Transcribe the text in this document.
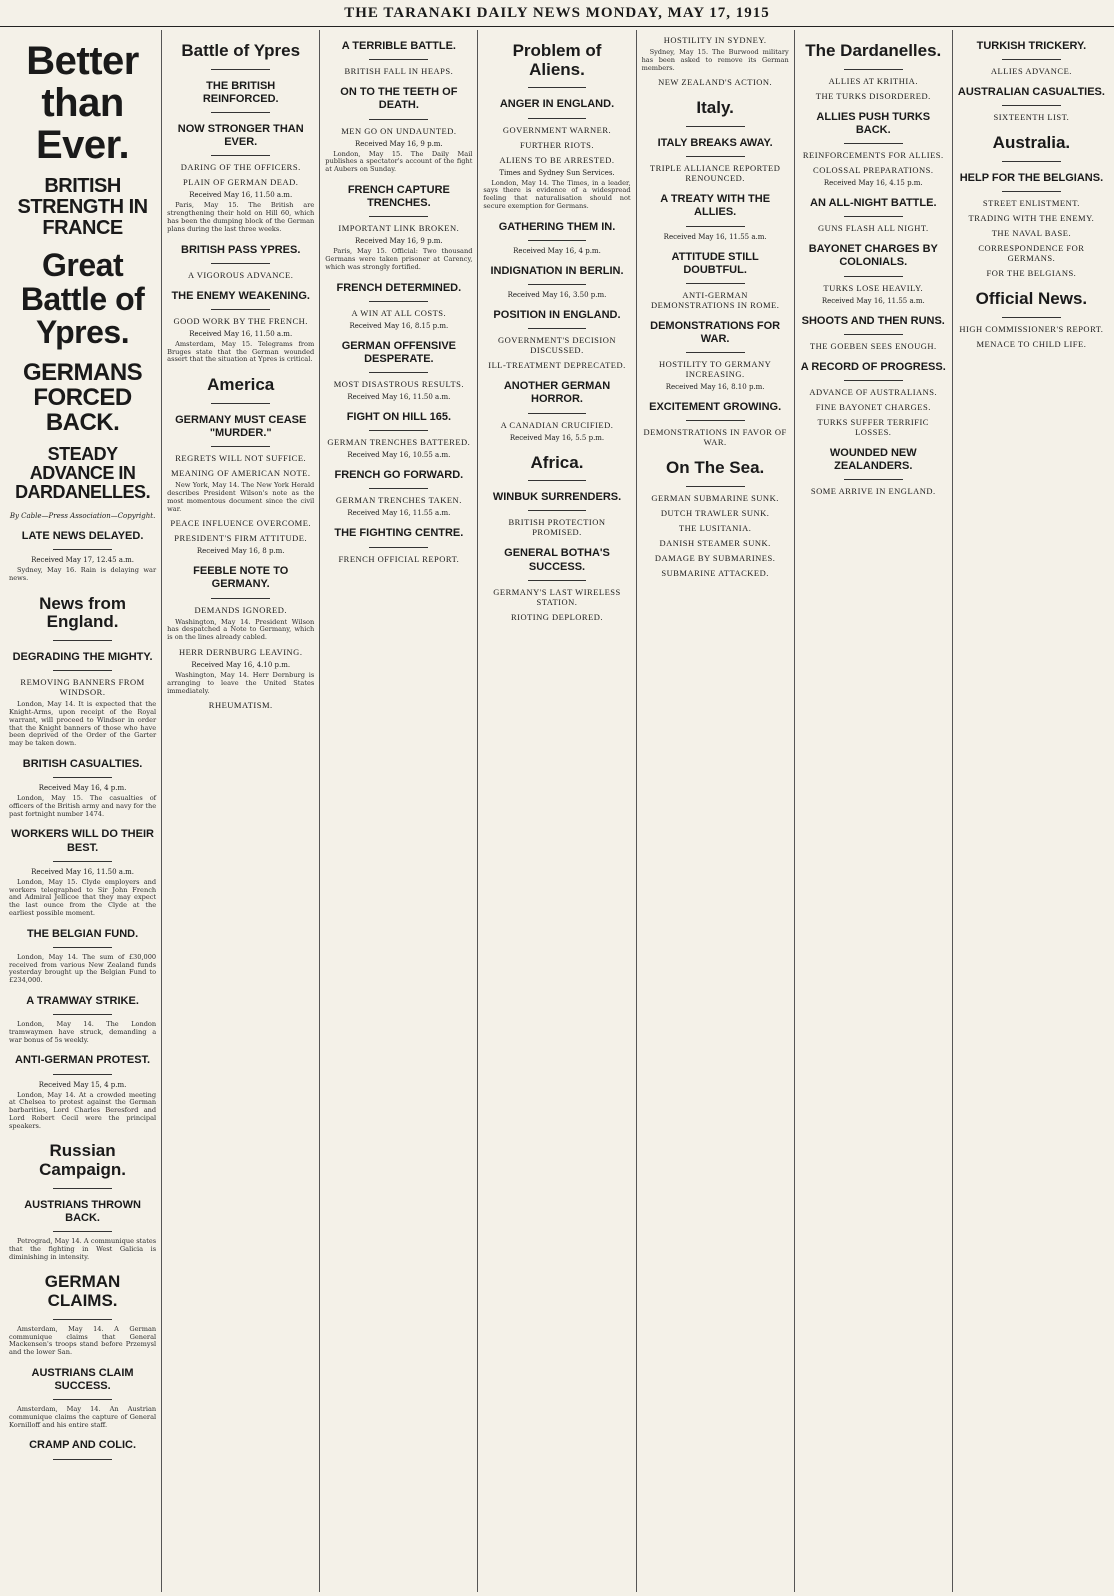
THE TARANAKI DAILY NEWS MONDAY, MAY 17, 1915
Better than Ever.
BRITISH STRENGTH IN FRANCE
Great Battle of Ypres.
GERMANS FORCED BACK.
STEADY ADVANCE IN DARDANELLES.
By Cable—Press Association—Copyright.
LATE NEWS DELAYED.
Received May 17, 12.45 a.m.
Sydney, May 16. Rain is delaying war news.
News from England.
DEGRADING THE MIGHTY.
REMOVING BANNERS FROM WINDSOR.
London, May 14. It is expected that the Knight-Arms, upon receipt of the Royal warrant, will proceed to Windsor in order that the Knight banners of those who have been deprived of the Order of the Garter may be taken down.
BRITISH CASUALTIES.
Received May 16, 4 p.m.
London, May 15. The casualties of officers of the British army and navy for the past fortnight number 1474.
WORKERS WILL DO THEIR BEST.
Received May 16, 11.50 a.m.
London, May 15. Clyde employers and workers telegraphed to Sir John French and Admiral Jellicoe that they may expect the last ounce from the Clyde at the earliest possible moment.
THE BELGIAN FUND.
London, May 14. The sum of £30,000 received from various New Zealand funds yesterday brought up the Belgian Fund to £234,000.
A TRAMWAY STRIKE.
London, May 14. The London tramwaymen have struck, demanding a war bonus of 5s weekly.
ANTI-GERMAN PROTEST.
Received May 15, 4 p.m.
London, May 14. At a crowded meeting at Chelsea to protest against the German barbarities, Lord Charles Beresford and Lord Robert Cecil were the principal speakers.
Russian Campaign.
AUSTRIANS THROWN BACK.
Petrograd, May 14. A communique states that the fighting in West Galicia is diminishing in intensity.
GERMAN CLAIMS.
Amsterdam, May 14. A German communique claims that General Mackensen's troops stand before Przemysl and the lower San.
AUSTRIANS CLAIM SUCCESS.
Amsterdam, May 14. An Austrian communique claims the capture of General Kornilloff and his entire staff.
CRAMP AND COLIC.
Battle of Ypres
THE BRITISH REINFORCED.
NOW STRONGER THAN EVER.
DARING OF THE OFFICERS.
PLAIN OF GERMAN DEAD.
Received May 16, 11.50 a.m.
Paris, May 15. The British are strengthening their hold on Hill 60, which has been the dumping block of the German plans during the last three weeks.
BRITISH PASS YPRES.
A VIGOROUS ADVANCE.
THE ENEMY WEAKENING.
GOOD WORK BY THE FRENCH.
Received May 16, 11.50 a.m.
Amsterdam, May 15. Telegrams from Bruges state that the German wounded assert that the situation at Ypres is critical.
America
GERMANY MUST CEASE "MURDER."
REGRETS WILL NOT SUFFICE.
MEANING OF AMERICAN NOTE.
New York, May 14. The New York Herald describes President Wilson's note as the most momentous document since the civil war.
PEACE INFLUENCE OVERCOME.
PRESIDENT'S FIRM ATTITUDE.
Received May 16, 8 p.m.
FEEBLE NOTE TO GERMANY.
DEMANDS IGNORED.
Washington, May 14. President Wilson has despatched a Note to Germany, which is on the lines already cabled.
HERR DERNBURG LEAVING.
Received May 16, 4.10 p.m.
Washington, May 14. Herr Dernburg is arranging to leave the United States immediately.
RHEUMATISM.
A TERRIBLE BATTLE.
BRITISH FALL IN HEAPS.
ON TO THE TEETH OF DEATH.
MEN GO ON UNDAUNTED.
Received May 16, 9 p.m.
London, May 15. The Daily Mail publishes a spectator's account of the fight at Aubers on Sunday.
FRENCH CAPTURE TRENCHES.
IMPORTANT LINK BROKEN.
Received May 16, 9 p.m.
Paris, May 15. Official: Two thousand Germans were taken prisoner at Carency, which was strongly fortified.
FRENCH DETERMINED.
A WIN AT ALL COSTS.
Received May 16, 8.15 p.m.
GERMAN OFFENSIVE DESPERATE.
MOST DISASTROUS RESULTS.
Received May 16, 11.50 a.m.
FIGHT ON HILL 165.
GERMAN TRENCHES BATTERED.
Received May 16, 10.55 a.m.
FRENCH GO FORWARD.
GERMAN TRENCHES TAKEN.
Received May 16, 11.55 a.m.
THE FIGHTING CENTRE.
FRENCH OFFICIAL REPORT.
Problem of Aliens.
ANGER IN ENGLAND.
GOVERNMENT WARNER.
FURTHER RIOTS.
ALIENS TO BE ARRESTED.
Times and Sydney Sun Services.
London, May 14. The Times, in a leader, says there is evidence of a widespread feeling that naturalisation should not secure exemption for Germans.
GATHERING THEM IN.
Received May 16, 4 p.m.
INDIGNATION IN BERLIN.
Received May 16, 3.50 p.m.
POSITION IN ENGLAND.
GOVERNMENT'S DECISION DISCUSSED.
ILL-TREATMENT DEPRECATED.
ANOTHER GERMAN HORROR.
A CANADIAN CRUCIFIED.
Received May 16, 5.5 p.m.
Africa.
WINBUK SURRENDERS.
BRITISH PROTECTION PROMISED.
GENERAL BOTHA'S SUCCESS.
GERMANY'S LAST WIRELESS STATION.
RIOTING DEPLORED.
HOSTILITY IN SYDNEY.
Sydney, May 15. The Burwood military has been asked to remove its German members.
NEW ZEALAND'S ACTION.
Italy.
ITALY BREAKS AWAY.
TRIPLE ALLIANCE REPORTED RENOUNCED.
A TREATY WITH THE ALLIES.
Received May 16, 11.55 a.m.
ATTITUDE STILL DOUBTFUL.
ANTI-GERMAN DEMONSTRATIONS IN ROME.
DEMONSTRATIONS FOR WAR.
HOSTILITY TO GERMANY INCREASING.
Received May 16, 8.10 p.m.
EXCITEMENT GROWING.
DEMONSTRATIONS IN FAVOR OF WAR.
On The Sea.
GERMAN SUBMARINE SUNK.
DUTCH TRAWLER SUNK.
THE LUSITANIA.
DANISH STEAMER SUNK.
DAMAGE BY SUBMARINES.
SUBMARINE ATTACKED.
The Dardanelles.
ALLIES AT KRITHIA.
THE TURKS DISORDERED.
ALLIES PUSH TURKS BACK.
REINFORCEMENTS FOR ALLIES.
COLOSSAL PREPARATIONS.
Received May 16, 4.15 p.m.
AN ALL-NIGHT BATTLE.
GUNS FLASH ALL NIGHT.
BAYONET CHARGES BY COLONIALS.
TURKS LOSE HEAVILY.
Received May 16, 11.55 a.m.
SHOOTS AND THEN RUNS.
THE GOEBEN SEES ENOUGH.
A RECORD OF PROGRESS.
ADVANCE OF AUSTRALIANS.
FINE BAYONET CHARGES.
TURKS SUFFER TERRIFIC LOSSES.
WOUNDED NEW ZEALANDERS.
SOME ARRIVE IN ENGLAND.
TURKISH TRICKERY.
ALLIES ADVANCE.
AUSTRALIAN CASUALTIES.
SIXTEENTH LIST.
Australia.
HELP FOR THE BELGIANS.
STREET ENLISTMENT.
TRADING WITH THE ENEMY.
THE NAVAL BASE.
CORRESPONDENCE FOR GERMANS.
FOR THE BELGIANS.
Official News.
HIGH COMMISSIONER'S REPORT.
MENACE TO CHILD LIFE.
